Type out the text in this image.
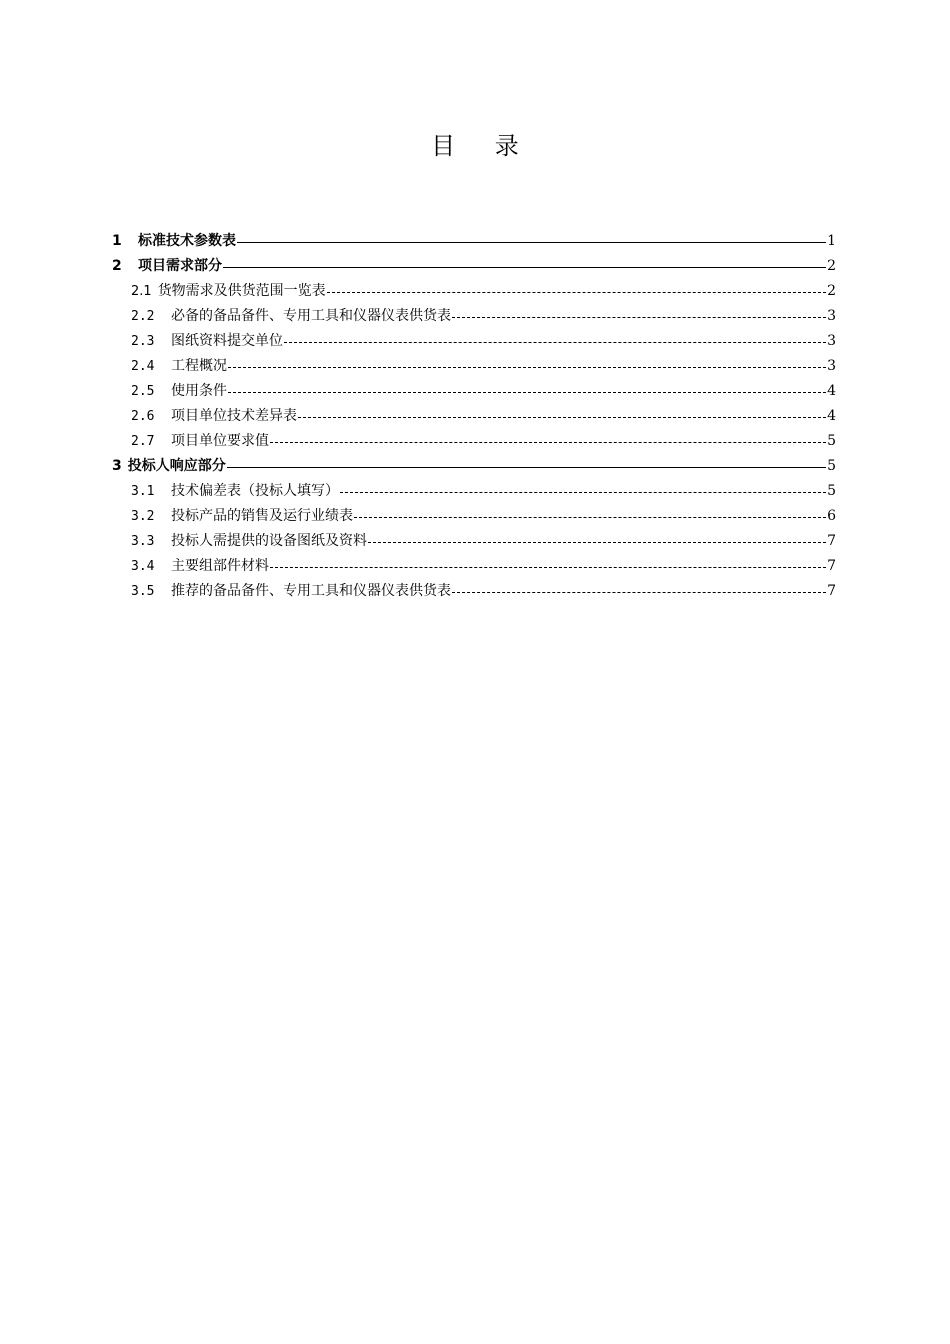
目 录
1	标准技术参数表	1
2	项目需求部分	2
2.1 货物需求及供货范围一览表	2
2.2	必备的备品备件、专用工具和仪器仪表供货表	3
2.3	图纸资料提交单位	3
2.4	工程概况	3
2.5	使用条件	4
2.6	项目单位技术差异表	4
2.7	项目单位要求值	5
3 投标人响应部分	5
3.1	技术偏差表（投标人填写）	5
3.2	投标产品的销售及运行业绩表	6
3.3	投标人需提供的设备图纸及资料	7
3.4	主要组部件材料	7
3.5	推荐的备品备件、专用工具和仪器仪表供货表	7
